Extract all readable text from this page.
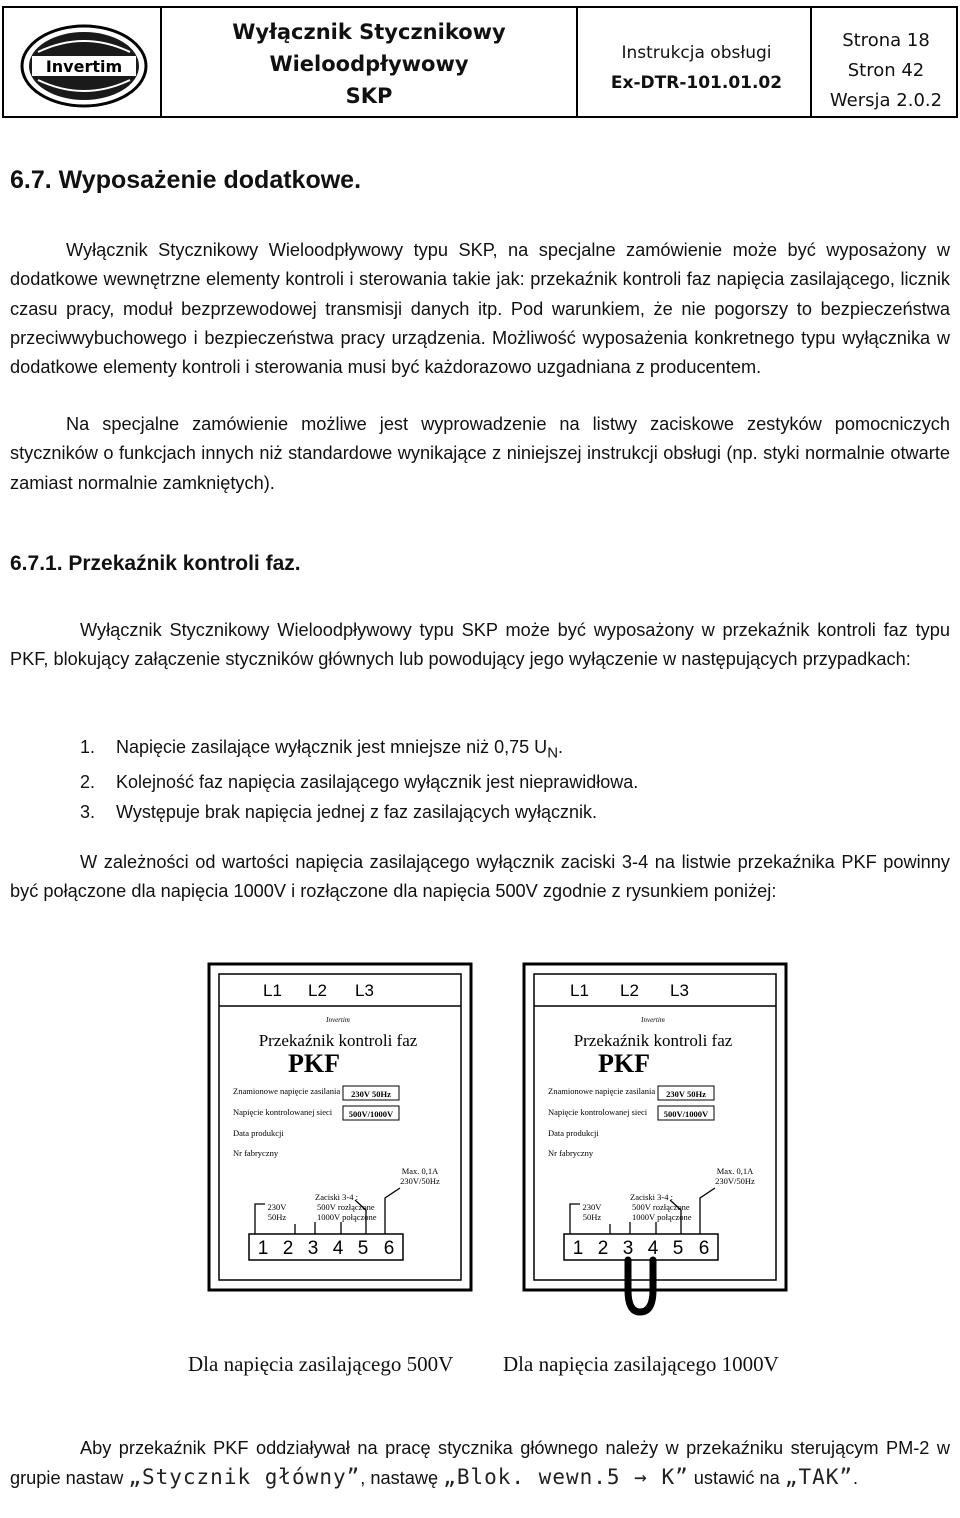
Invertim
Wyłącznik Stycznikowy
Wieloodpływowy
SKP
Instrukcja obsługi
Ex-DTR-101.01.02
Strona 18
Stron 42
Wersja 2.0.2
6.7. Wyposażenie dodatkowe.
Wyłącznik Stycznikowy Wieloodpływowy typu SKP, na specjalne zamówienie może być wyposażony w dodatkowe wewnętrzne elementy kontroli i sterowania takie jak: przekaźnik kontroli faz napięcia zasilającego, licznik czasu pracy, moduł bezprzewodowej transmisji danych itp. Pod warunkiem, że nie pogorszy to bezpieczeństwa przeciwwybuchowego i bezpieczeństwa pracy urządzenia. Możliwość wyposażenia konkretnego typu wyłącznika w dodatkowe elementy kontroli i sterowania musi być każdorazowo uzgadniana z producentem.
Na specjalne zamówienie możliwe jest wyprowadzenie na listwy zaciskowe zestyków pomocniczych styczników o funkcjach innych niż standardowe wynikające z niniejszej instrukcji obsługi (np. styki normalnie otwarte zamiast normalnie zamkniętych).
6.7.1. Przekaźnik kontroli faz.
Wyłącznik Stycznikowy Wieloodpływowy typu SKP może być wyposażony w przekaźnik kontroli faz typu PKF, blokujący załączenie styczników głównych lub powodujący jego wyłączenie w następujących przypadkach:
1. Napięcie zasilające wyłącznik jest mniejsze niż 0,75 $U_N$.
2. Kolejność faz napięcia zasilającego wyłącznik jest nieprawidłowa.
3. Występuje brak napięcia jednej z faz zasilających wyłącznik.
W zależności od wartości napięcia zasilającego wyłącznik zaciski 3-4 na listwie przekaźnika PKF powinny być połączone dla napięcia 1000V i rozłączone dla napięcia 500V zgodnie z rysunkiem poniżej:
L1 L2 L3
Invertim
Przekaźnik kontroli faz
PKF
Znamionowe napięcie zasilania 230V 50Hz
Napięcie kontrolowanej sieci 500V/1000V
Data produkcji
Nr fabryczny
Max. 0,1A
230V/50Hz
230V
50Hz
Zaciski 3-4 :
500V rozłączone
1000V połączone
1 2 3 4 5 6
L1 L2 L3
Invertim
Przekaźnik kontroli faz
PKF
Znamionowe napięcie zasilania 230V 50Hz
Napięcie kontrolowanej sieci 500V/1000V
Data produkcji
Nr fabryczny
Max. 0,1A
230V/50Hz
230V
50Hz
Zaciski 3-4 :
500V rozłączone
1000V połączone
1 2 3 4 5 6
Dla napięcia zasilającego 500V Dla napięcia zasilającego 1000V
Aby przekaźnik PKF oddziaływał na pracę stycznika głównego należy w przekaźniku sterującym PM-2 w grupie nastaw „Stycznik główny”, nastawę „Blok. wewn.5 → K” ustawić na „TAK”.
